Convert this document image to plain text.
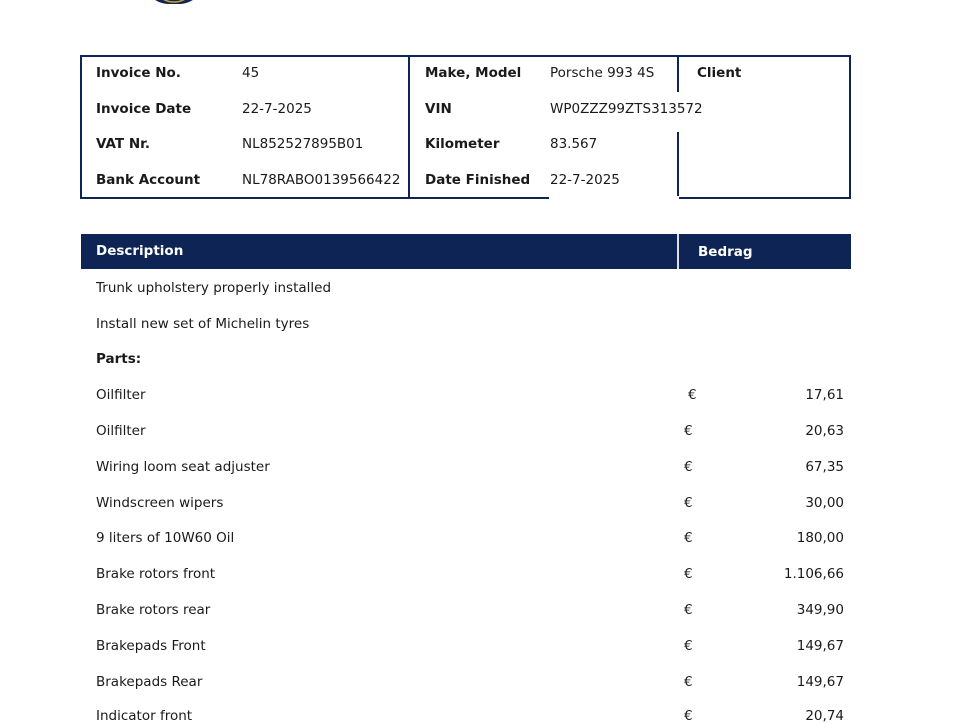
Invoice No.	45
Invoice Date	22-7-2025
VAT Nr.	NL852527895B01
Bank Account	NL78RABO0139566422
Make, Model Porsche 993 4S
VIN	WP0ZZZ99ZTS313572
Kilometer	83.567
Date Finished 22-7-2025
Client
Description	Bedrag
Trunk upholstery properly installed
Install new set of Michelin tyres
Parts:
Oilfilter	€	17,61
Oilfilter	€	20,63
Wiring loom seat adjuster	€	67,35
Windscreen wipers	€	30,00
9 liters of 10W60 Oil	€	180,00
Brake rotors front	€	1.106,66
Brake rotors rear	€	349,90
Brakepads Front	€	149,67
Brakepads Rear	€	149,67
Indicator front	€	20,74
